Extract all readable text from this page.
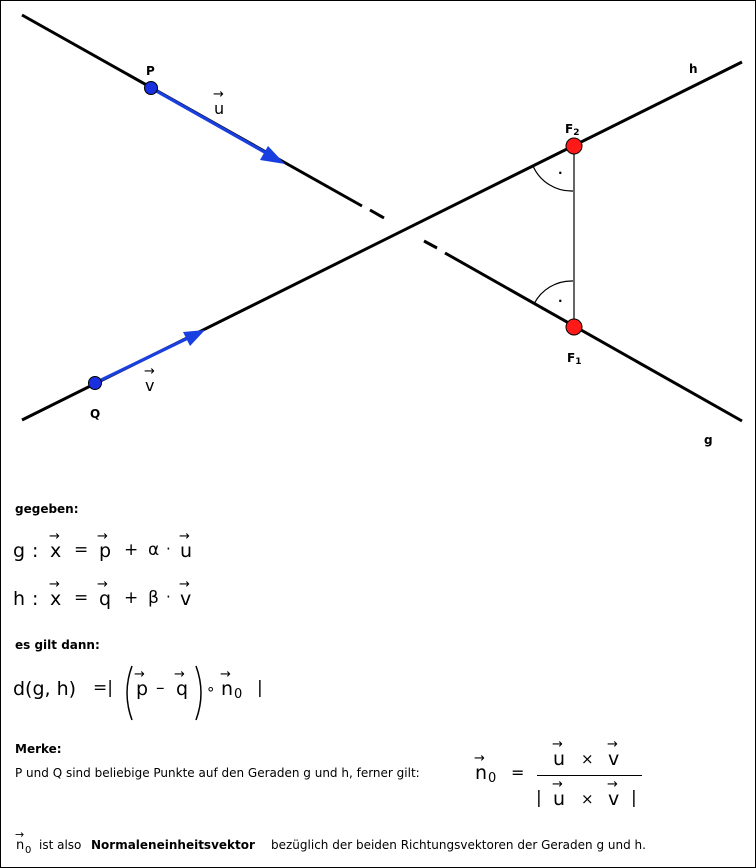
·
·
P
Q
F2
F1
h
g
→
u
→
v
gegeben:
g :
→
x =
→
p + α ·
→
u
h :
→
x =
→
q + β ·
→
v
es gilt dann:
d(g, h) =|
→
p –
→
q ∘
→
n 0 |
Merke:
P und Q sind beliebige Punkte auf den Geraden g und h, ferner gilt:
→
n 0 =
→
u ×
→
v
|
→
u ×
→
v |
→
n 0 ist also Normaleneinheitsvektor bezüglich der beiden Richtungsvektoren der Geraden g und h.
